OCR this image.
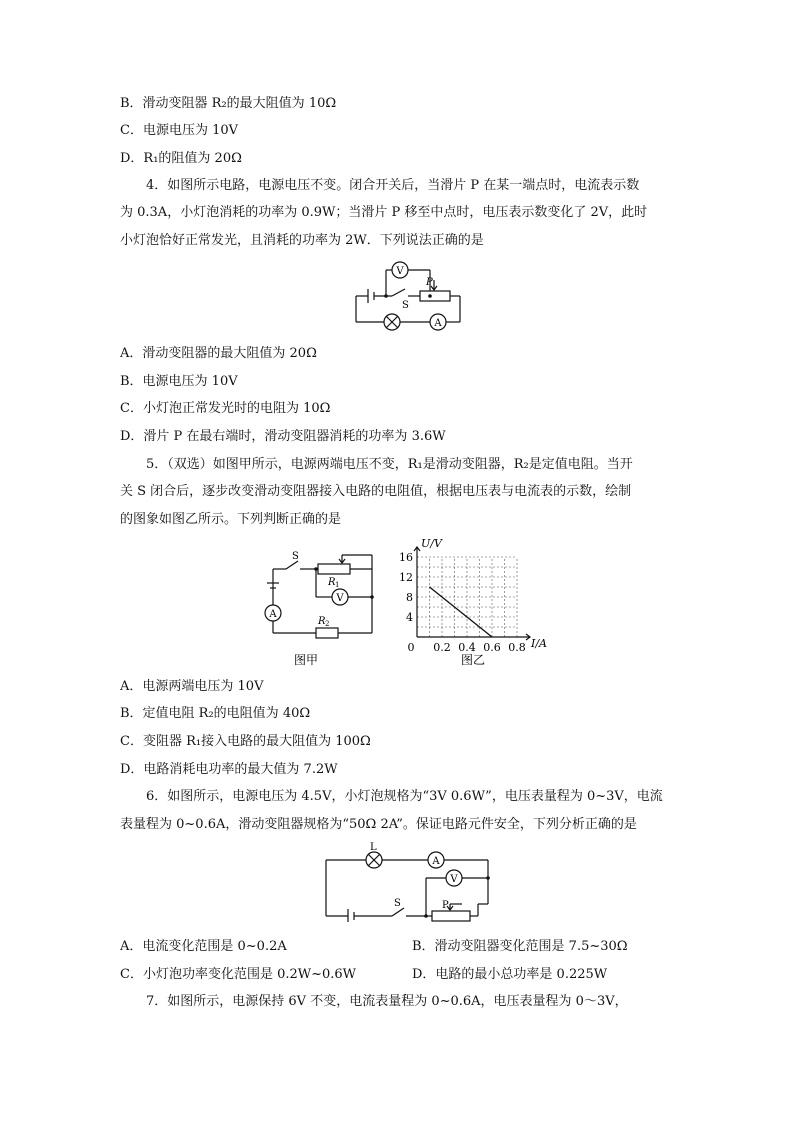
B．滑动变阻器 R₂的最大阻值为 10Ω
C．电源电压为 10V
D．R₁的阻值为 20Ω
4．如图所示电路，电源电压不变。闭合开关后，当滑片 P 在某一端点时，电流表示数
为 0.3A，小灯泡消耗的功率为 0.9W；当滑片 P 移至中点时，电压表示数变化了 2V，此时
小灯泡恰好正常发光，且消耗的功率为 2W．下列说法正确的是
V
A
P
S
A．滑动变阻器的最大阻值为 20Ω
B．电源电压为 10V
C．小灯泡正常发光时的电阻为 10Ω
D．滑片 P 在最右端时，滑动变阻器消耗的功率为 3.6W
5．（双选）如图甲所示，电源两端电压不变，R₁是滑动变阻器，R₂是定值电阻。当开
关 S 闭合后，逐步改变滑动变阻器接入电路的电阻值，根据电压表与电流表的示数，绘制
的图象如图乙所示。下列判断正确的是
S
R 1
R 2
V
A
图甲
4
8
12
16
0 0.2 0.4 0.6 0.8
U/V
I/A
图乙
A．电源两端电压为 10V
B．定值电阻 R₂的电阻值为 40Ω
C．变阻器 R₁接入电路的最大阻值为 100Ω
D．电路消耗电功率的最大值为 7.2W
6．如图所示，电源电压为 4.5V，小灯泡规格为“3V 0.6W”，电压表量程为 0~3V，电流
表量程为 0~0.6A，滑动变阻器规格为“50Ω 2A”。保证电路元件安全，下列分析正确的是
L
A
V
S	P
A．电流变化范围是 0~0.2A	B．滑动变阻器变化范围是 7.5~30Ω
C．小灯泡功率变化范围是 0.2W~0.6W	D．电路的最小总功率是 0.225W
7．如图所示，电源保持 6V 不变，电流表量程为 0~0.6A，电压表量程为 0～3V，
